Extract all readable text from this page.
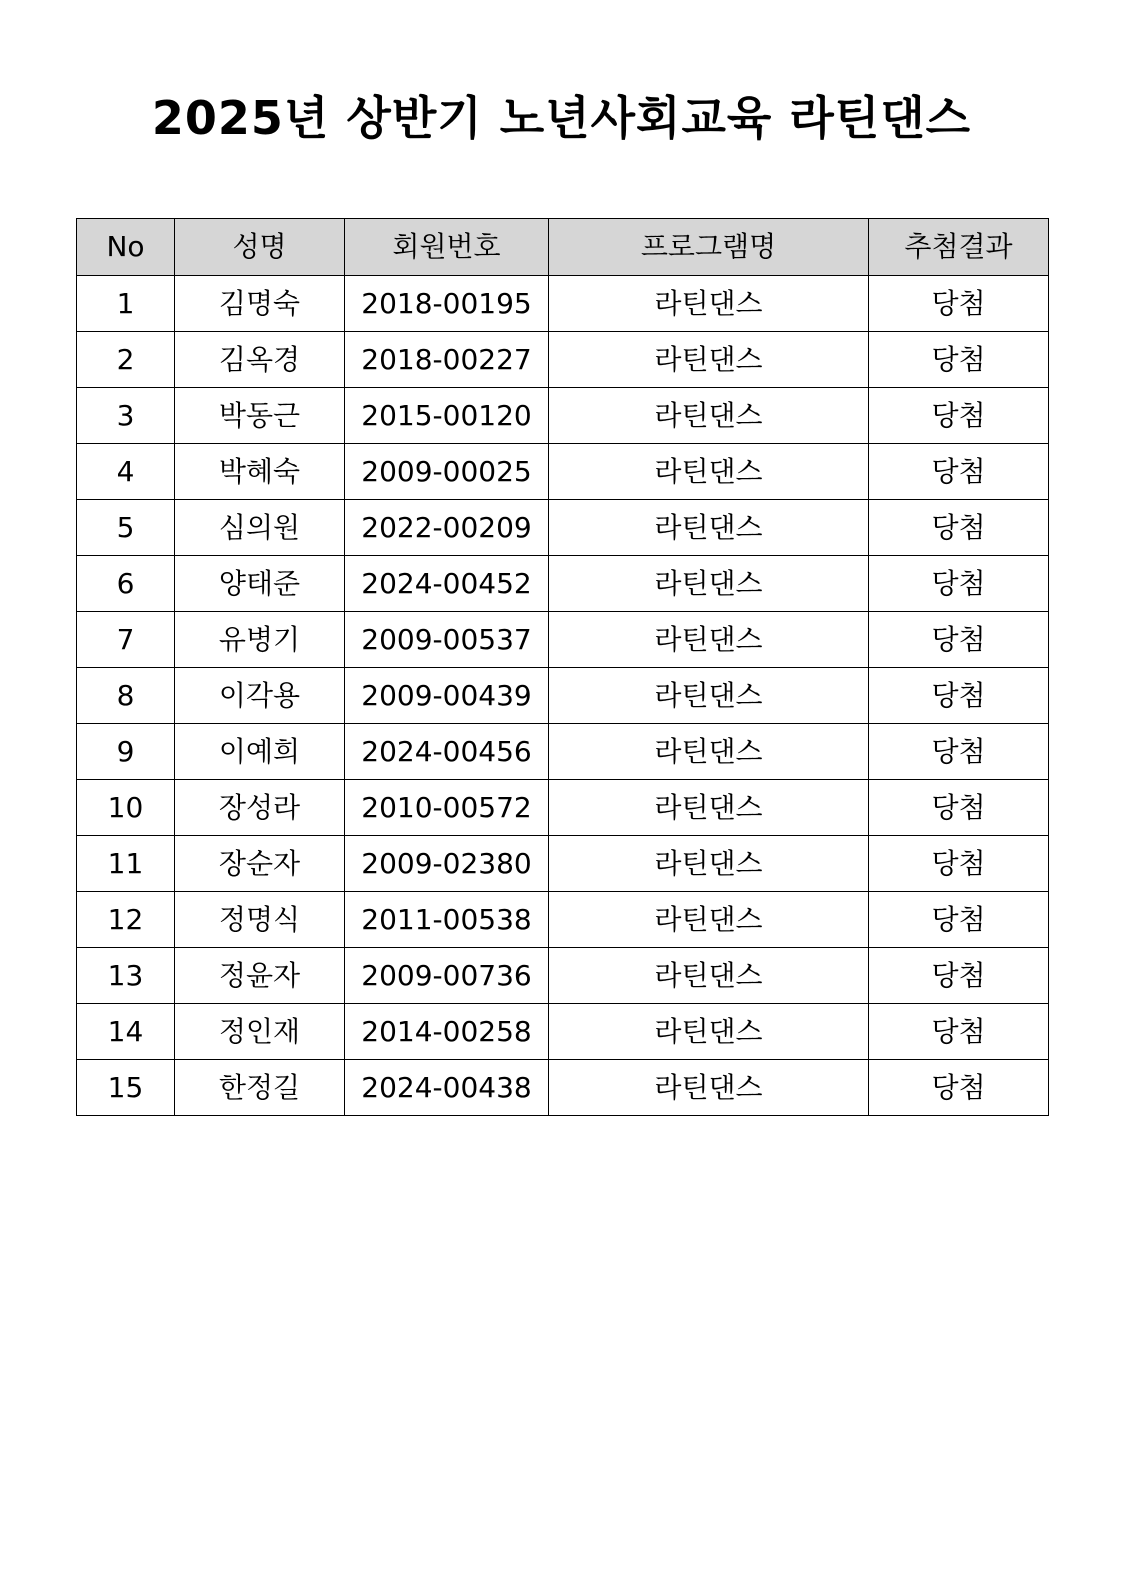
2025년 상반기 노년사회교육 라틴댄스
No	성명	회원번호	프로그램명	추첨결과
1	김명숙	2018-00195	라틴댄스	당첨
2	김옥경	2018-00227	라틴댄스	당첨
3	박동근	2015-00120	라틴댄스	당첨
4	박혜숙	2009-00025	라틴댄스	당첨
5	심의원	2022-00209	라틴댄스	당첨
6	양태준	2024-00452	라틴댄스	당첨
7	유병기	2009-00537	라틴댄스	당첨
8	이각용	2009-00439	라틴댄스	당첨
9	이예희	2024-00456	라틴댄스	당첨
10	장성라	2010-00572	라틴댄스	당첨
11	장순자	2009-02380	라틴댄스	당첨
12	정명식	2011-00538	라틴댄스	당첨
13	정윤자	2009-00736	라틴댄스	당첨
14	정인재	2014-00258	라틴댄스	당첨
15	한정길	2024-00438	라틴댄스	당첨
